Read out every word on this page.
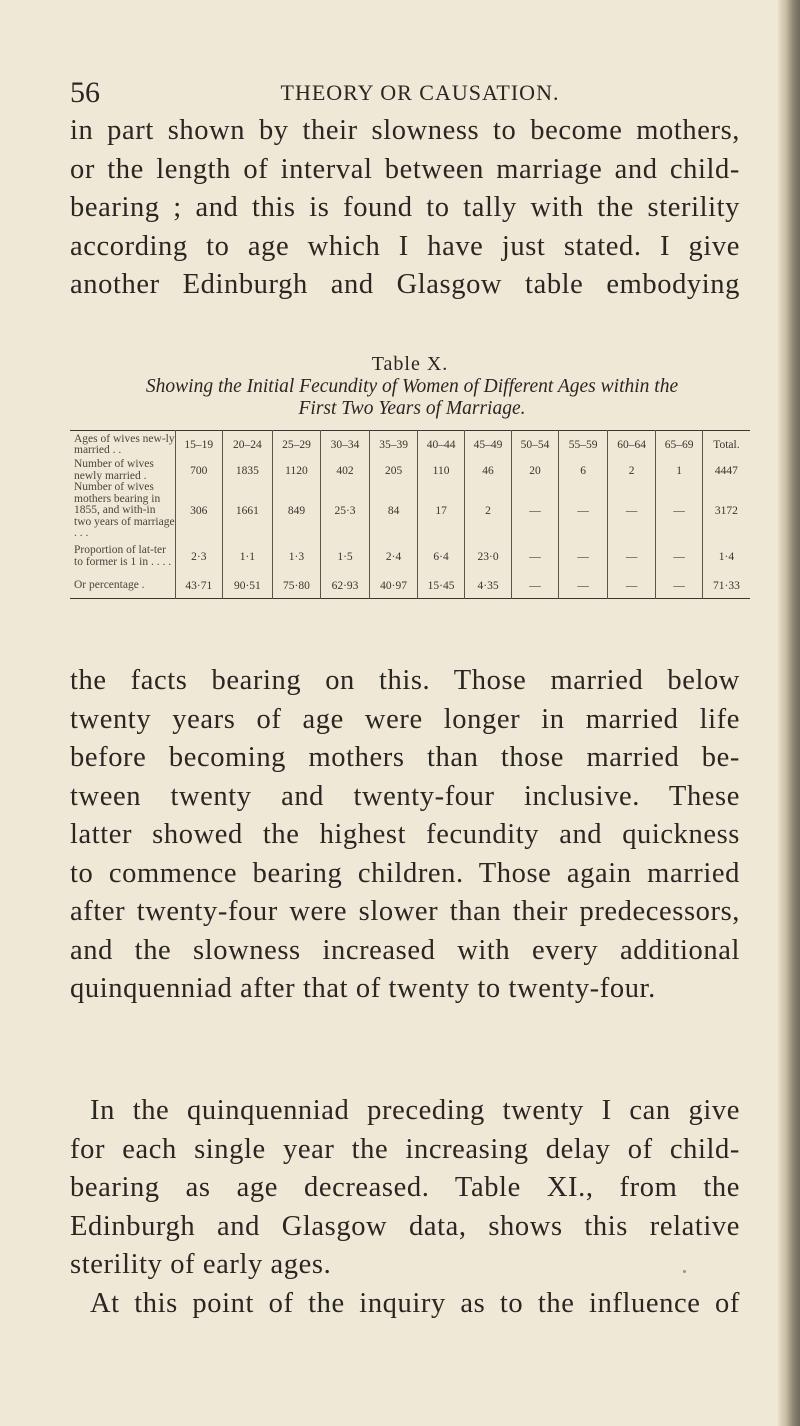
56	THEORY OR CAUSATION.

in part shown by their slowness to become mothers,
or the length of interval between marriage and child-
bearing ; and this is found to tally with the sterility
according to age which I have just stated. I give
another Edinburgh and Glasgow table embodying

Table X.
Showing the Initial Fecundity of Women of Different Ages within the
First Two Years of Marriage.
Ages of wives new-ly married . .	15–19	20–24	25–29	30–34	35–39	40–44	45–49	50–54	55–59	60–64	65–69	Total.
Number of wives newly married .	700	1835	1120	402	205	110	46	20	6	2	1	4447
Number of wives mothers bearing in 1855, and with-in two years of marriage . . .	306	1661	849	25·3	84	17	2	—	—	—	—	3172
Proportion of lat-ter to former is 1 in . . . .	2·3	1·1	1·3	1·5	2·4	6·4	23·0	—	—	—	—	1·4
Or percentage .	43·71	90·51	75·80	62·93	40·97	15·45	4·35	—	—	—	—	71·33

the facts bearing on this. Those married below
twenty years of age were longer in married life
before becoming mothers than those married be-
tween twenty and twenty-four inclusive. These
latter showed the highest fecundity and quickness
to commence bearing children. Those again married
after twenty-four were slower than their predecessors,
and the slowness increased with every additional
quinquenniad after that of twenty to twenty-four.

In the quinquenniad preceding twenty I can give
for each single year the increasing delay of child-
bearing as age decreased. Table XI., from the
Edinburgh and Glasgow data, shows this relative
sterility of early ages.
At this point of the inquiry as to the influence of
